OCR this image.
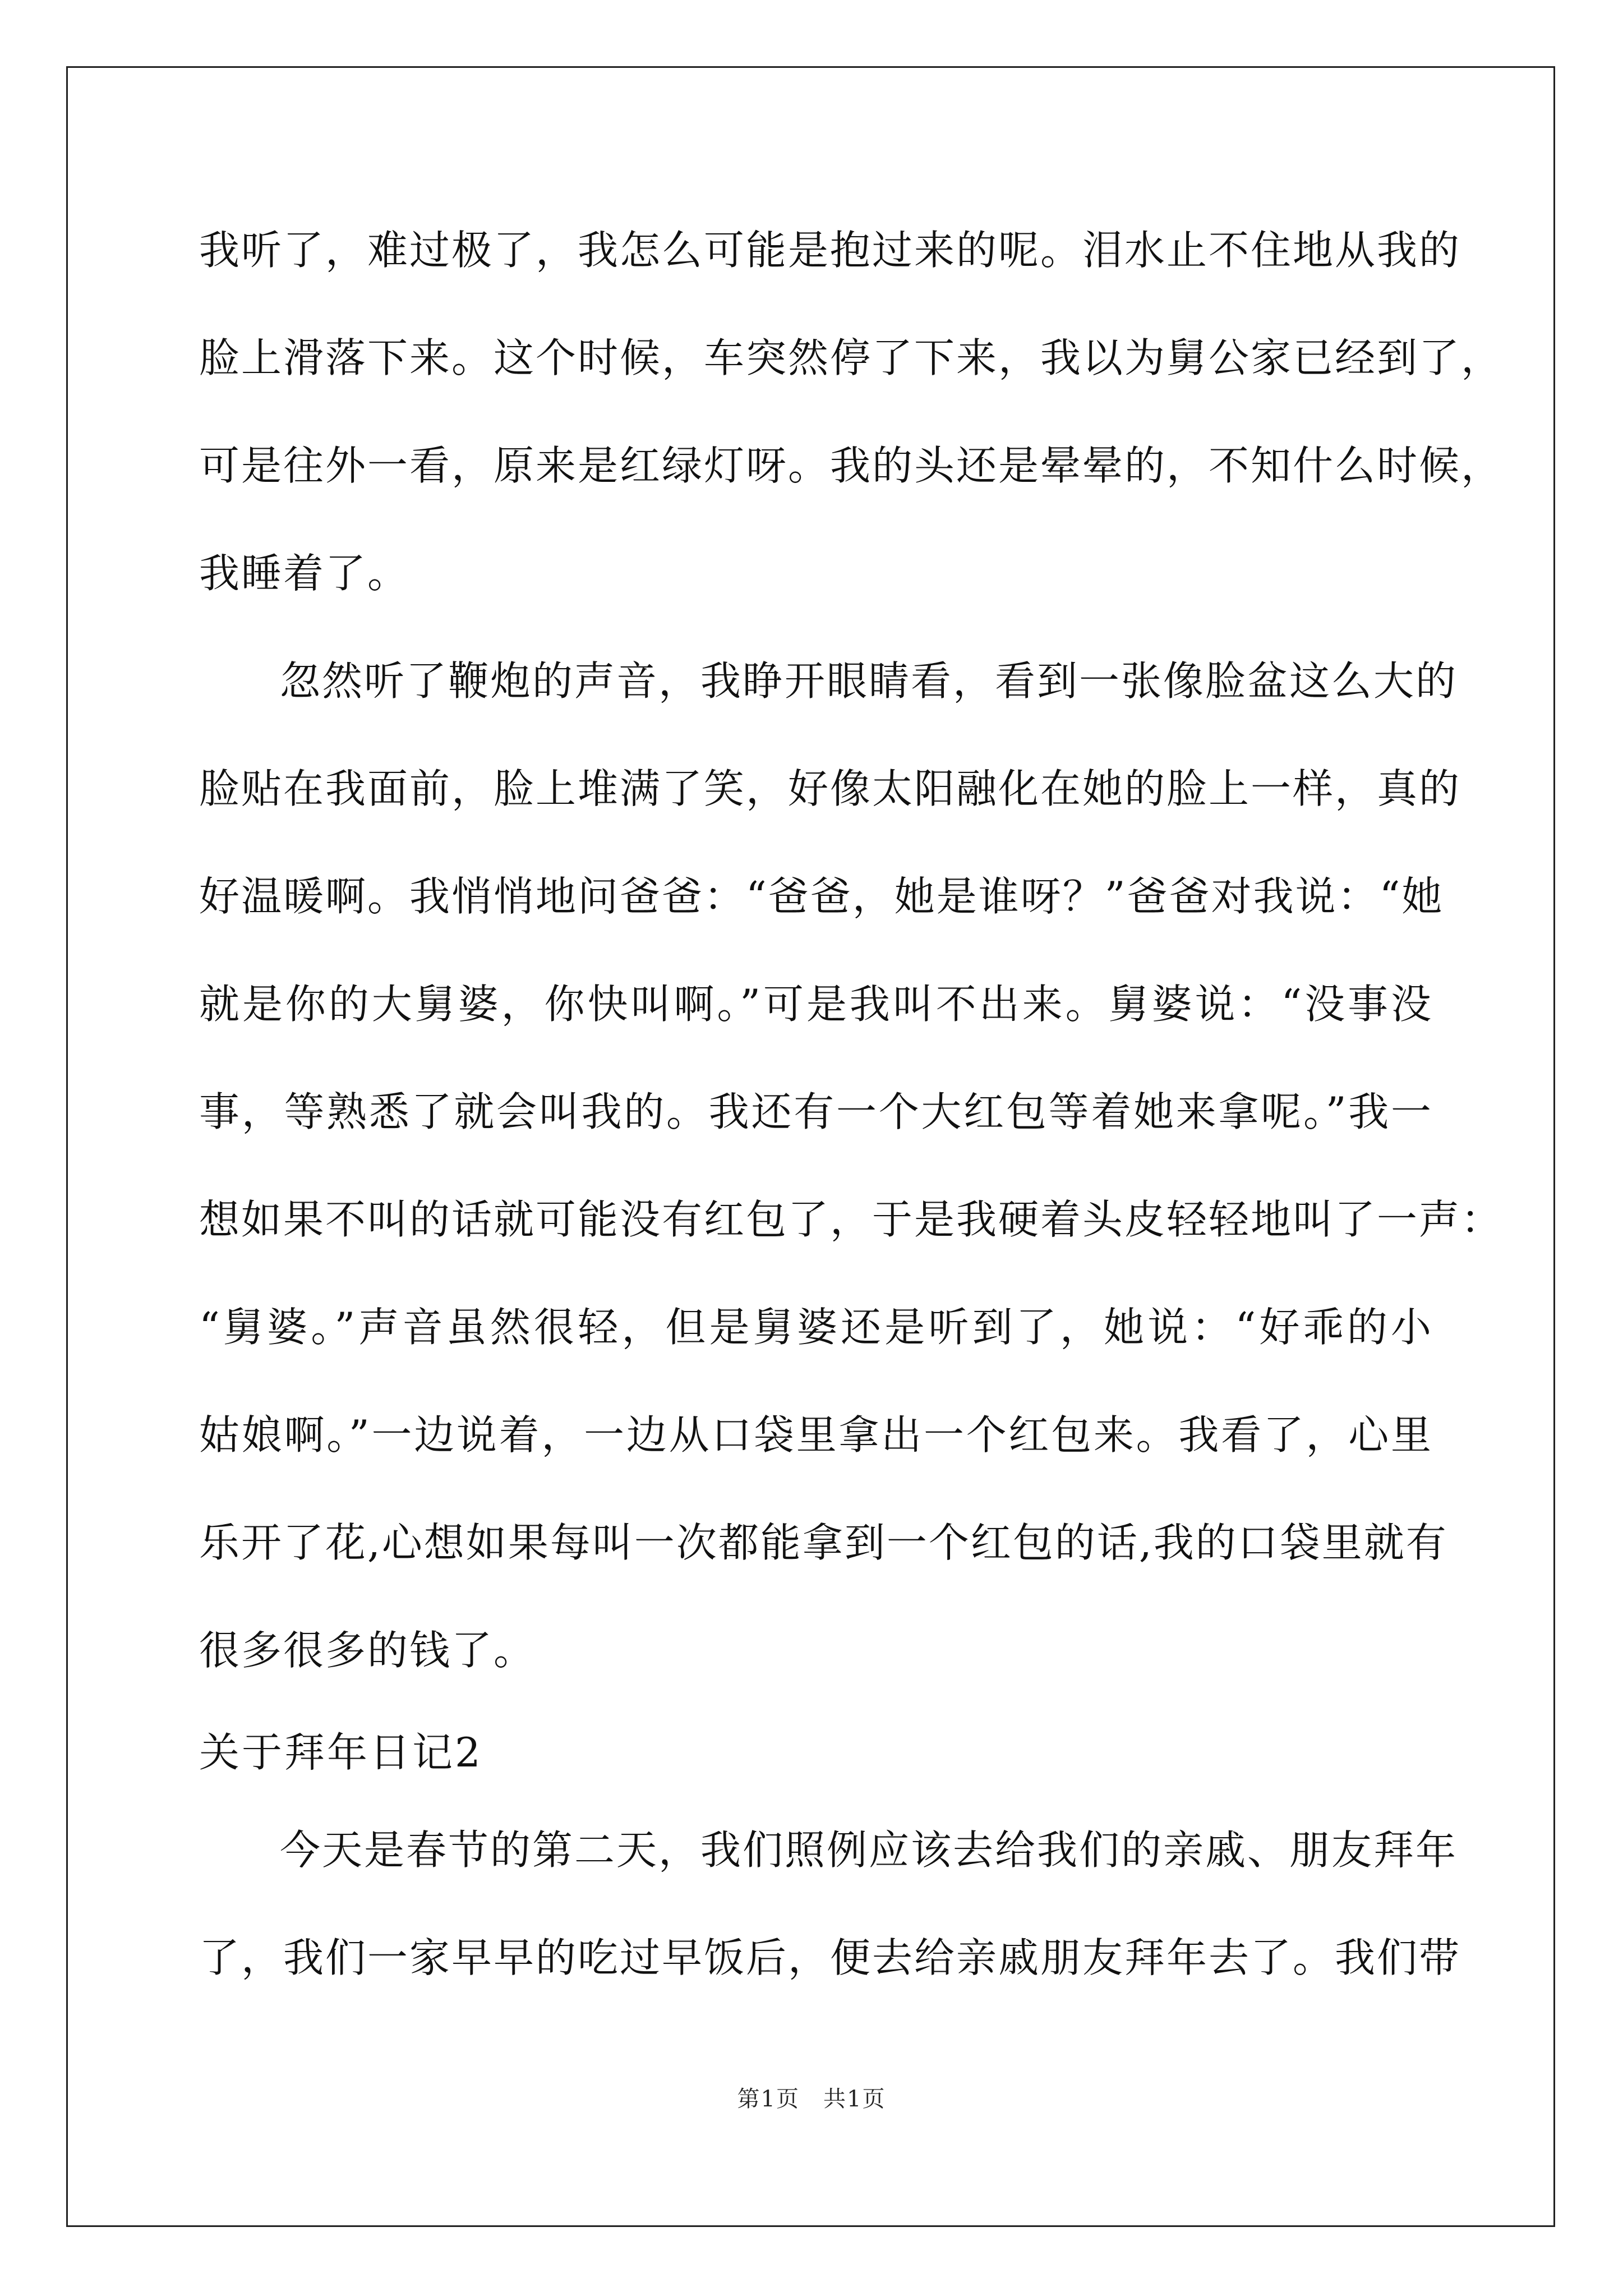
我听了，难过极了，我怎么可能是抱过来的呢。泪水止不住地从我的
脸上滑落下来。这个时候，车突然停了下来，我以为舅公家已经到了，
可是往外一看，原来是红绿灯呀。我的头还是晕晕的，不知什么时候，
我睡着了。
忽然听了鞭炮的声音，我睁开眼睛看，看到一张像脸盆这么大的
脸贴在我面前，脸上堆满了笑，好像太阳融化在她的脸上一样，真的
好温暖啊。我悄悄地问爸爸：“爸爸，她是谁呀？”爸爸对我说：“她
就是你的大舅婆，你快叫啊。”可是我叫不出来。舅婆说：“没事没
事，等熟悉了就会叫我的。我还有一个大红包等着她来拿呢。”我一
想如果不叫的话就可能没有红包了，于是我硬着头皮轻轻地叫了一声：
“舅婆。”声音虽然很轻，但是舅婆还是听到了，她说：“好乖的小
姑娘啊。”一边说着，一边从口袋里拿出一个红包来。我看了，心里
乐开了花,心想如果每叫一次都能拿到一个红包的话,我的口袋里就有
很多很多的钱了。
关于拜年日记2
今天是春节的第二天，我们照例应该去给我们的亲戚、朋友拜年
了，我们一家早早的吃过早饭后，便去给亲戚朋友拜年去了。我们带
第1页　共1页
